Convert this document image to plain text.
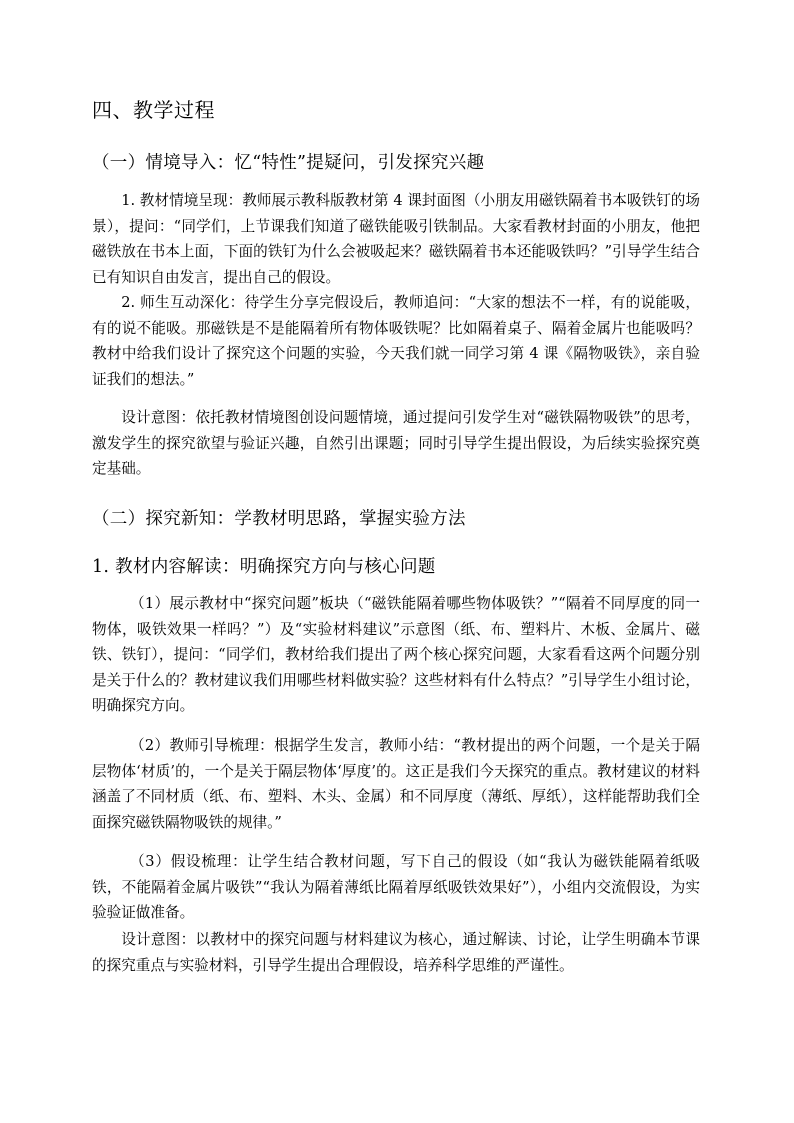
四、教学过程
（一）情境导入：忆“特性”提疑问，引发探究兴趣

1. 教材情境呈现：教师展示教科版教材第 4 课封面图（小朋友用磁铁隔着书本吸铁钉的场景），提问：“同学们，上节课我们知道了磁铁能吸引铁制品。大家看教材封面的小朋友，他把磁铁放在书本上面，下面的铁钉为什么会被吸起来？磁铁隔着书本还能吸铁吗？”引导学生结合已有知识自由发言，提出自己的假设。

2. 师生互动深化：待学生分享完假设后，教师追问：“大家的想法不一样，有的说能吸，有的说不能吸。那磁铁是不是能隔着所有物体吸铁呢？比如隔着桌子、隔着金属片也能吸吗？教材中给我们设计了探究这个问题的实验，今天我们就一同学习第 4 课《隔物吸铁》，亲自验证我们的想法。”

设计意图：依托教材情境图创设问题情境，通过提问引发学生对“磁铁隔物吸铁”的思考，激发学生的探究欲望与验证兴趣，自然引出课题；同时引导学生提出假设，为后续实验探究奠定基础。

（二）探究新知：学教材明思路，掌握实验方法
1. 教材内容解读：明确探究方向与核心问题

（1）展示教材中“探究问题”板块（“磁铁能隔着哪些物体吸铁？”“隔着不同厚度的同一物体，吸铁效果一样吗？”）及“实验材料建议”示意图（纸、布、塑料片、木板、金属片、磁铁、铁钉），提问：“同学们，教材给我们提出了两个核心探究问题，大家看看这两个问题分别是关于什么的？教材建议我们用哪些材料做实验？这些材料有什么特点？”引导学生小组讨论，明确探究方向。

（2）教师引导梳理：根据学生发言，教师小结：“教材提出的两个问题，一个是关于隔层物体‘材质’的，一个是关于隔层物体‘厚度’的。这正是我们今天探究的重点。教材建议的材料涵盖了不同材质（纸、布、塑料、木头、金属）和不同厚度（薄纸、厚纸），这样能帮助我们全面探究磁铁隔物吸铁的规律。”

（3）假设梳理：让学生结合教材问题，写下自己的假设（如“我认为磁铁能隔着纸吸铁，不能隔着金属片吸铁”“我认为隔着薄纸比隔着厚纸吸铁效果好”），小组内交流假设，为实验验证做准备。

设计意图：以教材中的探究问题与材料建议为核心，通过解读、讨论，让学生明确本节课的探究重点与实验材料，引导学生提出合理假设，培养科学思维的严谨性。
